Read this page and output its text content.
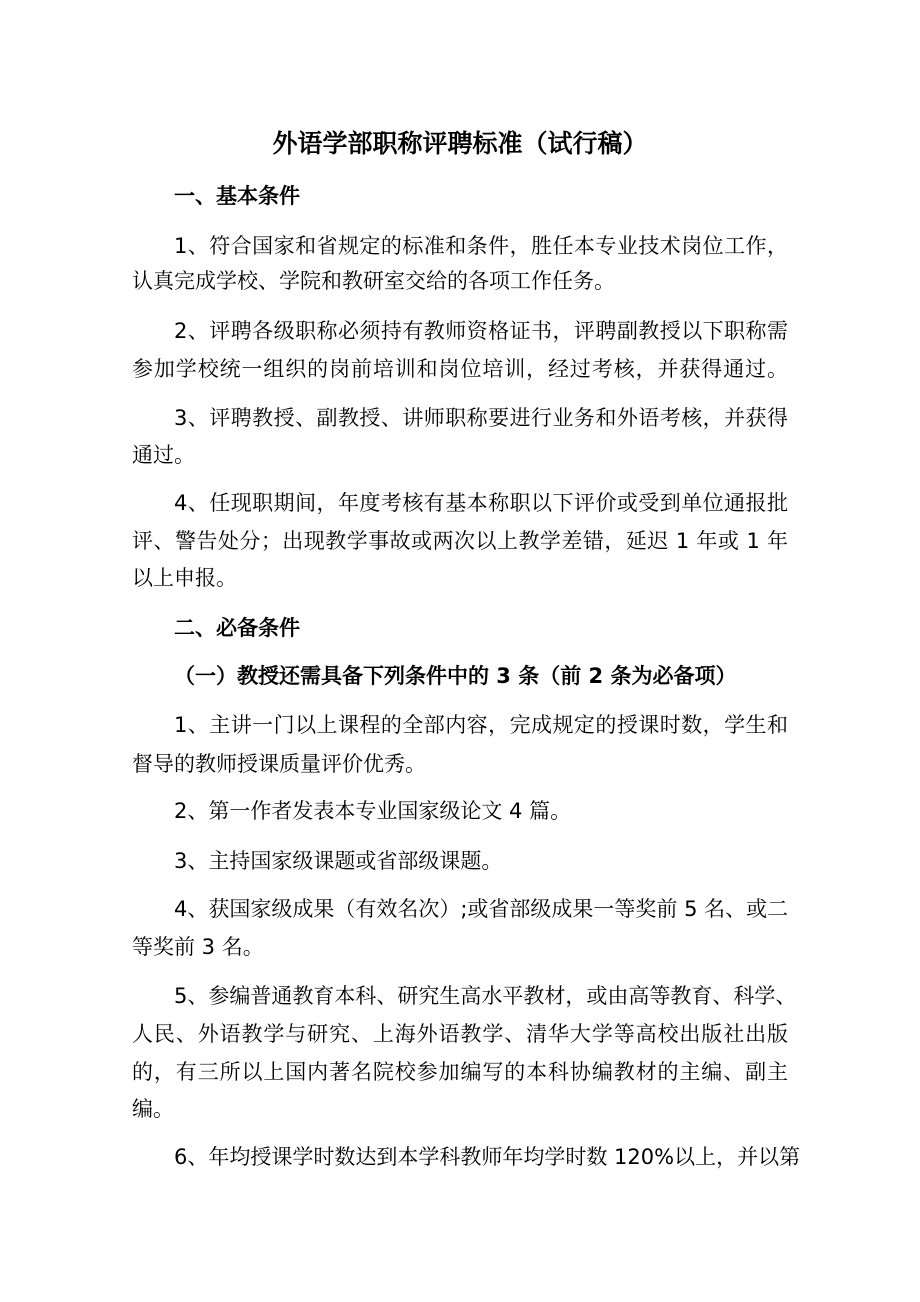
外语学部职称评聘标准（试行稿）

一、基本条件

1、符合国家和省规定的标准和条件，胜任本专业技术岗位工作，

认真完成学校、学院和教研室交给的各项工作任务。

2、评聘各级职称必须持有教师资格证书，评聘副教授以下职称需

参加学校统一组织的岗前培训和岗位培训，经过考核，并获得通过。

3、评聘教授、副教授、讲师职称要进行业务和外语考核，并获得

通过。

4、任现职期间，年度考核有基本称职以下评价或受到单位通报批

评、警告处分；出现教学事故或两次以上教学差错，延迟 1 年或 1 年

以上申报。

二、必备条件

（一）教授还需具备下列条件中的 3 条（前 2 条为必备项）

1、主讲一门以上课程的全部内容，完成规定的授课时数，学生和

督导的教师授课质量评价优秀。

2、第一作者发表本专业国家级论文 4 篇。

3、主持国家级课题或省部级课题。

4、获国家级成果（有效名次）;或省部级成果一等奖前 5 名、或二

等奖前 3 名。

5、参编普通教育本科、研究生高水平教材，或由高等教育、科学、

人民、外语教学与研究、上海外语教学、清华大学等高校出版社出版

的，有三所以上国内著名院校参加编写的本科协编教材的主编、副主

编。

6、年均授课学时数达到本学科教师年均学时数 120%以上，并以第
